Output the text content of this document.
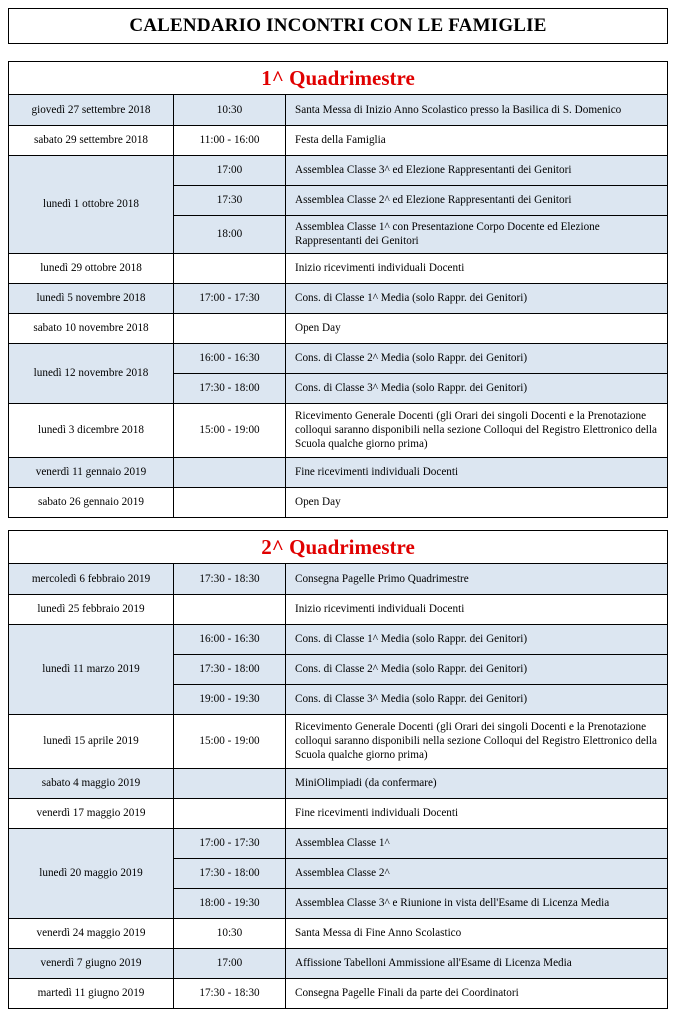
CALENDARIO INCONTRI CON LE FAMIGLIE
1^ Quadrimestre
giovedì 27 settembre 2018	10:30	Santa Messa di Inizio Anno Scolastico presso la Basilica di S. Domenico
sabato 29 settembre 2018	11:00 - 16:00	Festa della Famiglia
lunedì 1 ottobre 2018	17:00	Assemblea Classe 3^ ed Elezione Rappresentanti dei Genitori
	17:30	Assemblea Classe 2^ ed Elezione Rappresentanti dei Genitori
	18:00	Assemblea Classe 1^ con Presentazione Corpo Docente ed Elezione Rappresentanti dei Genitori
lunedì 29 ottobre 2018		Inizio ricevimenti individuali Docenti
lunedì 5 novembre 2018	17:00 - 17:30	Cons. di Classe 1^ Media (solo Rappr. dei Genitori)
sabato 10 novembre 2018		Open Day
lunedì 12 novembre 2018	16:00 - 16:30	Cons. di Classe 2^ Media (solo Rappr. dei Genitori)
	17:30 - 18:00	Cons. di Classe 3^ Media (solo Rappr. dei Genitori)
lunedì 3 dicembre 2018	15:00 - 19:00	Ricevimento Generale Docenti (gli Orari dei singoli Docenti e la Prenotazione colloqui saranno disponibili nella sezione Colloqui del Registro Elettronico della Scuola qualche giorno prima)
venerdì 11 gennaio 2019		Fine ricevimenti individuali Docenti
sabato 26 gennaio 2019		Open Day
2^ Quadrimestre
mercoledì 6 febbraio 2019	17:30 - 18:30	Consegna Pagelle Primo Quadrimestre
lunedì 25 febbraio 2019		Inizio ricevimenti individuali Docenti
lunedì 11 marzo 2019	16:00 - 16:30	Cons. di Classe 1^ Media (solo Rappr. dei Genitori)
	17:30 - 18:00	Cons. di Classe 2^ Media (solo Rappr. dei Genitori)
	19:00 - 19:30	Cons. di Classe 3^ Media (solo Rappr. dei Genitori)
lunedì 15 aprile 2019	15:00 - 19:00	Ricevimento Generale Docenti (gli Orari dei singoli Docenti e la Prenotazione colloqui saranno disponibili nella sezione Colloqui del Registro Elettronico della Scuola qualche giorno prima)
sabato 4 maggio 2019		MiniOlimpiadi (da confermare)
venerdì 17 maggio 2019		Fine ricevimenti individuali Docenti
lunedì 20 maggio 2019	17:00 - 17:30	Assemblea Classe 1^
	17:30 - 18:00	Assemblea Classe 2^
	18:00 - 19:30	Assemblea Classe 3^ e Riunione in vista dell'Esame di Licenza Media
venerdì 24 maggio 2019	10:30	Santa Messa di Fine Anno Scolastico
venerdì 7 giugno 2019	17:00	Affissione Tabelloni Ammissione all'Esame di Licenza Media
martedì 11 giugno 2019	17:30 - 18:30	Consegna Pagelle Finali da parte dei Coordinatori
